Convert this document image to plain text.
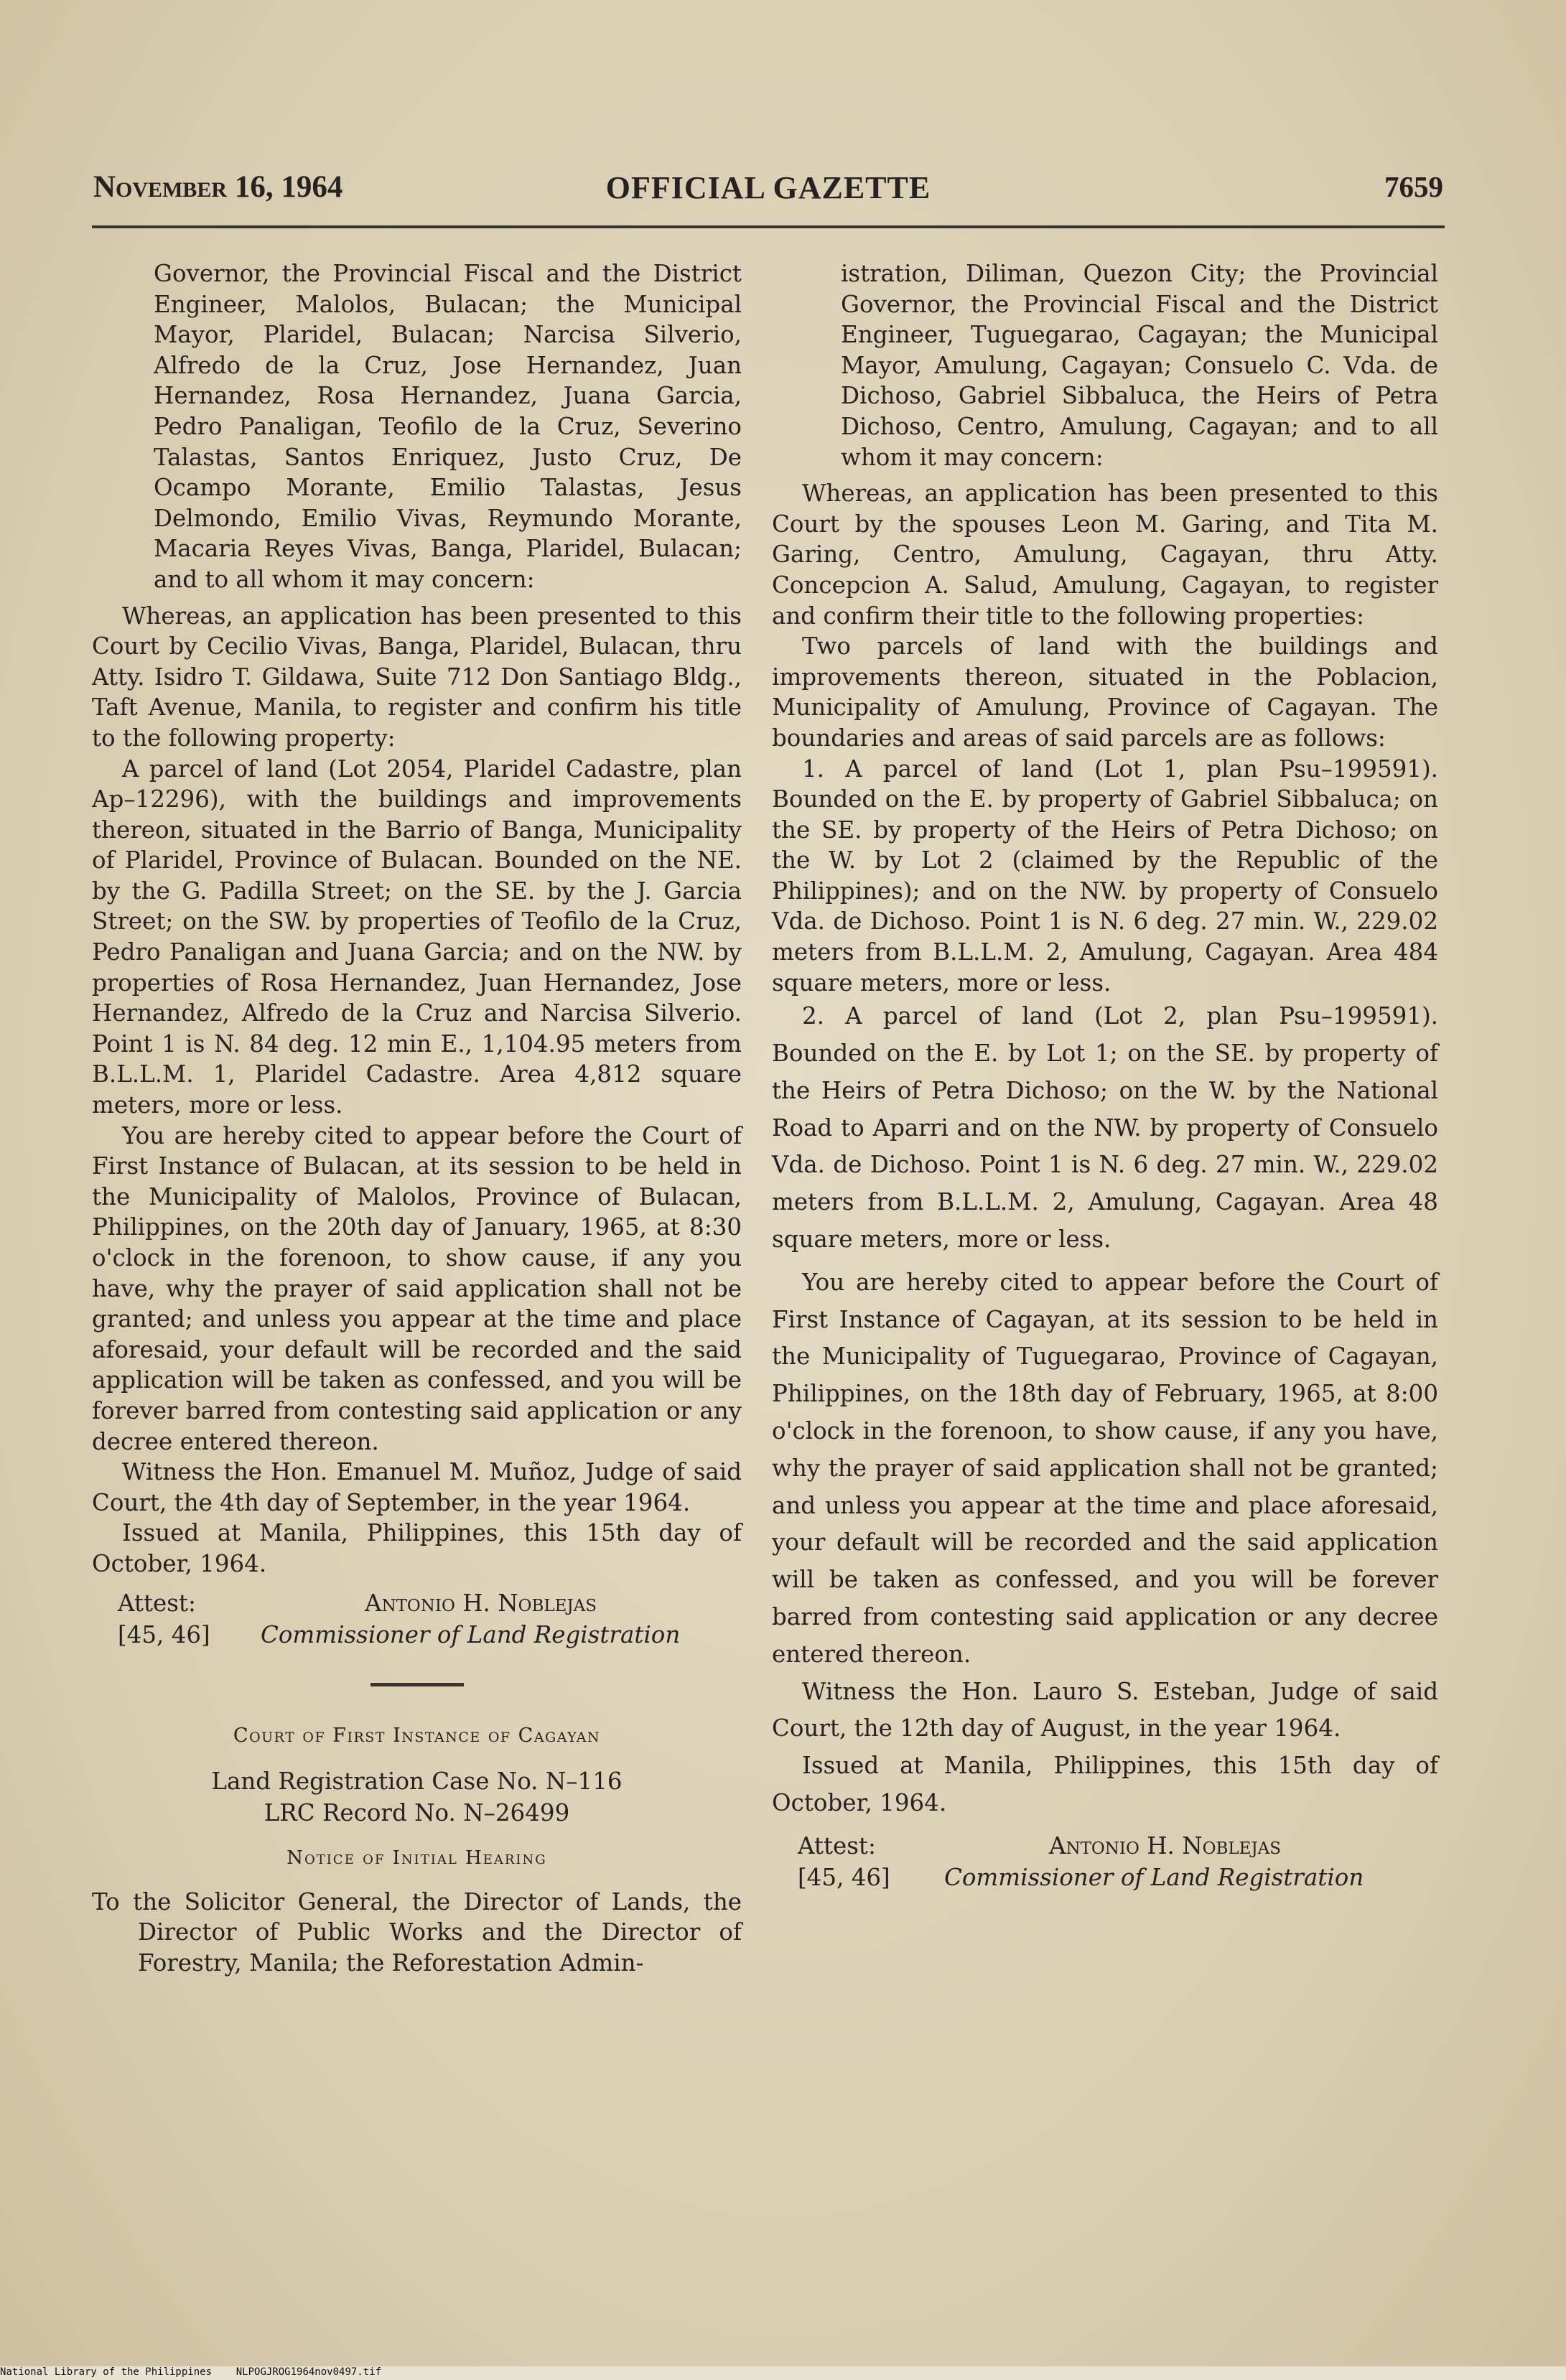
November 16, 1964	OFFICIAL GAZETTE	7659

Governor, the Provincial Fiscal and the District Engineer, Malolos, Bulacan; the Municipal Mayor, Plaridel, Bulacan; Narcisa Silverio, Alfredo de la Cruz, Jose Hernandez, Juan Hernandez, Rosa Hernandez, Juana Garcia, Pedro Panaligan, Teofilo de la Cruz, Severino Talastas, Santos Enriquez, Justo Cruz, De Ocampo Morante, Emilio Talastas, Jesus Delmondo, Emilio Vivas, Reymundo Morante, Macaria Reyes Vivas, Banga, Plaridel, Bulacan; and to all whom it may concern:

Whereas, an application has been presented to this Court by Cecilio Vivas, Banga, Plaridel, Bulacan, thru Atty. Isidro T. Gildawa, Suite 712 Don Santiago Bldg., Taft Avenue, Manila, to register and confirm his title to the following property:

A parcel of land (Lot 2054, Plaridel Cadastre, plan Ap–12296), with the buildings and improvements thereon, situated in the Barrio of Banga, Municipality of Plaridel, Province of Bulacan. Bounded on the NE. by the G. Padilla Street; on the SE. by the J. Garcia Street; on the SW. by properties of Teofilo de la Cruz, Pedro Panaligan and Juana Garcia; and on the NW. by properties of Rosa Hernandez, Juan Hernandez, Jose Hernandez, Alfredo de la Cruz and Narcisa Silverio. Point 1 is N. 84 deg. 12 min E., 1,104.95 meters from B.L.L.M. 1, Plaridel Cadastre. Area 4,812 square meters, more or less.

You are hereby cited to appear before the Court of First Instance of Bulacan, at its session to be held in the Municipality of Malolos, Province of Bulacan, Philippines, on the 20th day of January, 1965, at 8:30 o'clock in the forenoon, to show cause, if any you have, why the prayer of said application shall not be granted; and unless you appear at the time and place aforesaid, your default will be recorded and the said application will be taken as confessed, and you will be forever barred from contesting said application or any decree entered thereon.

Witness the Hon. Emanuel M. Muñoz, Judge of said Court, the 4th day of September, in the year 1964.

Issued at Manila, Philippines, this 15th day of October, 1964.

Attest:	Antonio H. Noblejas
[45, 46] Commissioner of Land Registration
Court of First Instance of Cagayan
Land Registration Case No. N–116
LRC Record No. N–26499
Notice of Initial Hearing

To the Solicitor General, the Director of Lands, the Director of Public Works and the Director of Forestry, Manila; the Reforestation Admin-

istration, Diliman, Quezon City; the Provincial Governor, the Provincial Fiscal and the District Engineer, Tuguegarao, Cagayan; the Municipal Mayor, Amulung, Cagayan; Consuelo C. Vda. de Dichoso, Gabriel Sibbaluca, the Heirs of Petra Dichoso, Centro, Amulung, Cagayan; and to all whom it may concern:

Whereas, an application has been presented to this Court by the spouses Leon M. Garing, and Tita M. Garing, Centro, Amulung, Cagayan, thru Atty. Concepcion A. Salud, Amulung, Cagayan, to register and confirm their title to the following properties:

Two parcels of land with the buildings and improvements thereon, situated in the Poblacion, Municipality of Amulung, Province of Cagayan. The boundaries and areas of said parcels are as follows:

1. A parcel of land (Lot 1, plan Psu–199591). Bounded on the E. by property of Gabriel Sibbaluca; on the SE. by property of the Heirs of Petra Dichoso; on the W. by Lot 2 (claimed by the Republic of the Philippines); and on the NW. by property of Consuelo Vda. de Dichoso. Point 1 is N. 6 deg. 27 min. W., 229.02 meters from B.L.L.M. 2, Amulung, Cagayan. Area 484 square meters, more or less.

2. A parcel of land (Lot 2, plan Psu–199591). Bounded on the E. by Lot 1; on the SE. by property of the Heirs of Petra Dichoso; on the W. by the National Road to Aparri and on the NW. by property of Consuelo Vda. de Dichoso. Point 1 is N. 6 deg. 27 min. W., 229.02 meters from B.L.L.M. 2, Amulung, Cagayan. Area 48 square meters, more or less.

You are hereby cited to appear before the Court of First Instance of Cagayan, at its session to be held in the Municipality of Tuguegarao, Province of Cagayan, Philippines, on the 18th day of February, 1965, at 8:00 o'clock in the forenoon, to show cause, if any you have, why the prayer of said application shall not be granted; and unless you appear at the time and place aforesaid, your default will be recorded and the said application will be taken as confessed, and you will be forever barred from contesting said application or any decree entered thereon.

Witness the Hon. Lauro S. Esteban, Judge of said Court, the 12th day of August, in the year 1964.

Issued at Manila, Philippines, this 15th day of October, 1964.

Attest:	Antonio H. Noblejas
[45, 46] Commissioner of Land Registration
National Library of the Philippines NLPOGJROG1964nov0497.tif
